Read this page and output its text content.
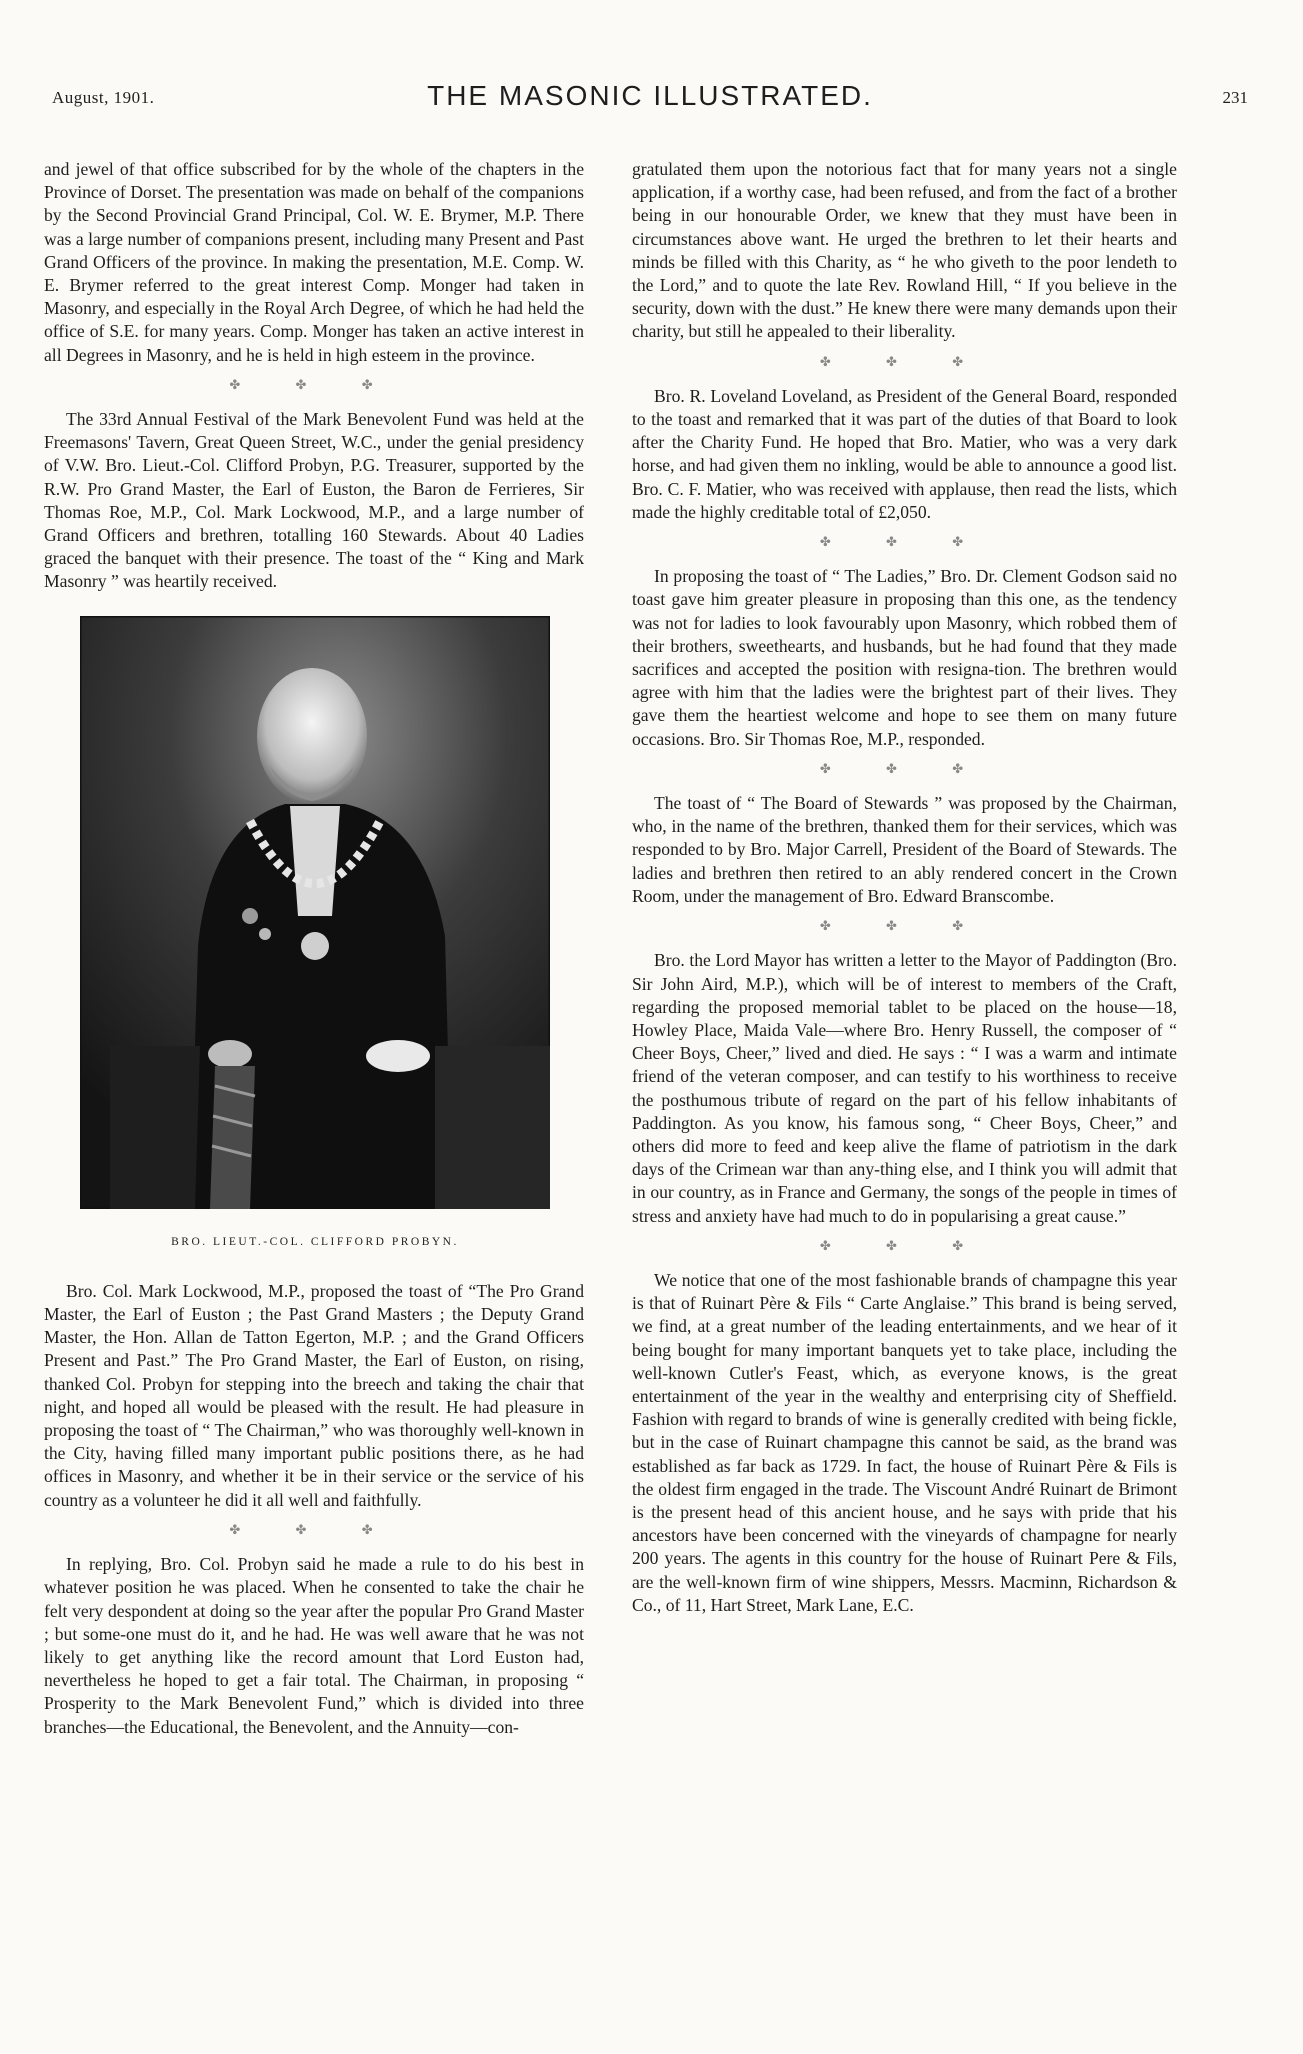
August, 1901.	THE MASONIC ILLUSTRATED.	231

and jewel of that office subscribed for by the whole of the chapters in the Province of Dorset. The presentation was made on behalf of the companions by the Second Provincial Grand Principal, Col. W. E. Brymer, M.P. There was a large number of companions present, including many Present and Past Grand Officers of the province. In making the presentation, M.E. Comp. W. E. Brymer referred to the great interest Comp. Monger had taken in Masonry, and especially in the Royal Arch Degree, of which he had held the office of S.E. for many years. Comp. Monger has taken an active interest in all Degrees in Masonry, and he is held in high esteem in the province.

✤ ✤ ✤

The 33rd Annual Festival of the Mark Benevolent Fund was held at the Freemasons' Tavern, Great Queen Street, W.C., under the genial presidency of V.W. Bro. Lieut.-Col. Clifford Probyn, P.G. Treasurer, supported by the R.W. Pro Grand Master, the Earl of Euston, the Baron de Ferrieres, Sir Thomas Roe, M.P., Col. Mark Lockwood, M.P., and a large number of Grand Officers and brethren, totalling 160 Stewards. About 40 Ladies graced the banquet with their presence. The toast of the “ King and Mark Masonry ” was heartily received.

BRO. LIEUT.-COL. CLIFFORD PROBYN.

Bro. Col. Mark Lockwood, M.P., proposed the toast of “The Pro Grand Master, the Earl of Euston ; the Past Grand Masters ; the Deputy Grand Master, the Hon. Allan de Tatton Egerton, M.P. ; and the Grand Officers Present and Past.” The Pro Grand Master, the Earl of Euston, on rising, thanked Col. Probyn for stepping into the breech and taking the chair that night, and hoped all would be pleased with the result. He had pleasure in proposing the toast of “ The Chairman,” who was thoroughly well-known in the City, having filled many important public positions there, as he had offices in Masonry, and whether it be in their service or the service of his country as a volunteer he did it all well and faithfully.

✤ ✤ ✤

In replying, Bro. Col. Probyn said he made a rule to do his best in whatever position he was placed. When he consented to take the chair he felt very despondent at doing so the year after the popular Pro Grand Master ; but some-one must do it, and he had. He was well aware that he was not likely to get anything like the record amount that Lord Euston had, nevertheless he hoped to get a fair total. The Chairman, in proposing “ Prosperity to the Mark Benevolent Fund,” which is divided into three branches—the Educational, the Benevolent, and the Annuity—con-

gratulated them upon the notorious fact that for many years not a single application, if a worthy case, had been refused, and from the fact of a brother being in our honourable Order, we knew that they must have been in circumstances above want. He urged the brethren to let their hearts and minds be filled with this Charity, as “ he who giveth to the poor lendeth to the Lord,” and to quote the late Rev. Rowland Hill, “ If you believe in the security, down with the dust.” He knew there were many demands upon their charity, but still he appealed to their liberality.

✤ ✤ ✤

Bro. R. Loveland Loveland, as President of the General Board, responded to the toast and remarked that it was part of the duties of that Board to look after the Charity Fund. He hoped that Bro. Matier, who was a very dark horse, and had given them no inkling, would be able to announce a good list. Bro. C. F. Matier, who was received with applause, then read the lists, which made the highly creditable total of £2,050.

✤ ✤ ✤

In proposing the toast of “ The Ladies,” Bro. Dr. Clement Godson said no toast gave him greater pleasure in proposing than this one, as the tendency was not for ladies to look favourably upon Masonry, which robbed them of their brothers, sweethearts, and husbands, but he had found that they made sacrifices and accepted the position with resigna-tion. The brethren would agree with him that the ladies were the brightest part of their lives. They gave them the heartiest welcome and hope to see them on many future occasions. Bro. Sir Thomas Roe, M.P., responded.

✤ ✤ ✤

The toast of “ The Board of Stewards ” was proposed by the Chairman, who, in the name of the brethren, thanked them for their services, which was responded to by Bro. Major Carrell, President of the Board of Stewards. The ladies and brethren then retired to an ably rendered concert in the Crown Room, under the management of Bro. Edward Branscombe.

✤ ✤ ✤

Bro. the Lord Mayor has written a letter to the Mayor of Paddington (Bro. Sir John Aird, M.P.), which will be of interest to members of the Craft, regarding the proposed memorial tablet to be placed on the house—18, Howley Place, Maida Vale—where Bro. Henry Russell, the composer of “ Cheer Boys, Cheer,” lived and died. He says : “ I was a warm and intimate friend of the veteran composer, and can testify to his worthiness to receive the posthumous tribute of regard on the part of his fellow inhabitants of Paddington. As you know, his famous song, “ Cheer Boys, Cheer,” and others did more to feed and keep alive the flame of patriotism in the dark days of the Crimean war than any-thing else, and I think you will admit that in our country, as in France and Germany, the songs of the people in times of stress and anxiety have had much to do in popularising a great cause.”

✤ ✤ ✤

We notice that one of the most fashionable brands of champagne this year is that of Ruinart Père & Fils “ Carte Anglaise.” This brand is being served, we find, at a great number of the leading entertainments, and we hear of it being bought for many important banquets yet to take place, including the well-known Cutler's Feast, which, as everyone knows, is the great entertainment of the year in the wealthy and enterprising city of Sheffield. Fashion with regard to brands of wine is generally credited with being fickle, but in the case of Ruinart champagne this cannot be said, as the brand was established as far back as 1729. In fact, the house of Ruinart Père & Fils is the oldest firm engaged in the trade. The Viscount André Ruinart de Brimont is the present head of this ancient house, and he says with pride that his ancestors have been concerned with the vineyards of champagne for nearly 200 years. The agents in this country for the house of Ruinart Pere & Fils, are the well-known firm of wine shippers, Messrs. Macminn, Richardson & Co., of 11, Hart Street, Mark Lane, E.C.
